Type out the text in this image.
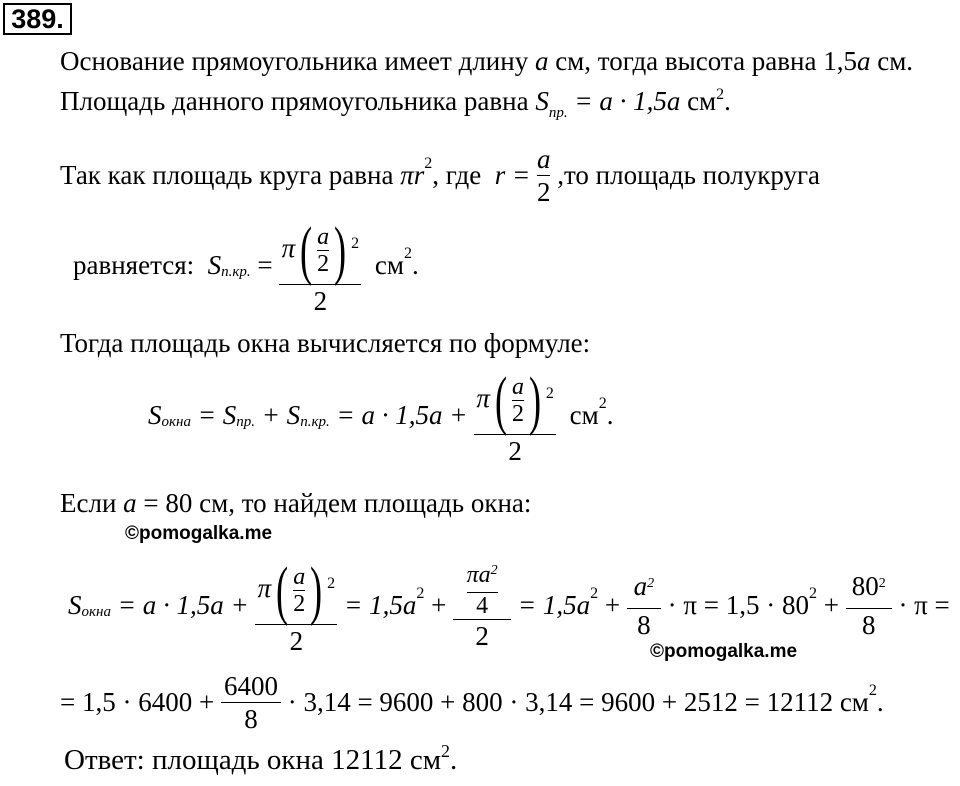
389.
Основание прямоугольника имеет длину a см, тогда высота равна 1,5a см.
Площадь данного прямоугольника равна $S_{пр.} = a \cdot 1,5a$ $см^2$.
Так как площадь круга равна
πr 2 , где
r =
$\frac{a}{2}$
,то площадь полукруга
равняется:
S п.кр.
=
$\frac{\pi( \frac{a}{2} ) ^2}{2}$
см 2 .
Тогда площадь окна вычисляется по формуле:
S окна
= S пр.
+ S п.кр.
= a · 1,5a +
$\frac{\pi( \frac{a}{2} ) ^2}{2}$
см 2 .
Если a = 80 см, то найдем площадь окна:
©pomogalka.me
S окна
= a · 1,5a +
$\frac{\pi( \frac{a}{2} ) ^2}{2}$
= 1,5a 2
+
$\frac{\frac{\pi a^2}{4}}{2}$
= 1,5a 2
+
$\frac{a^2}{8}$
· π = 1,5 · 80 2
+
$\frac{80^2}{8}$
· π =
©pomogalka.me
= 1,5 · 6400 +
$\frac{6400}{8}$
· 3,14 = 9600 + 800 · 3,14 = 9600 + 2512 = 12112 см 2 .
Ответ: площадь окна 12112 $см^2$.
